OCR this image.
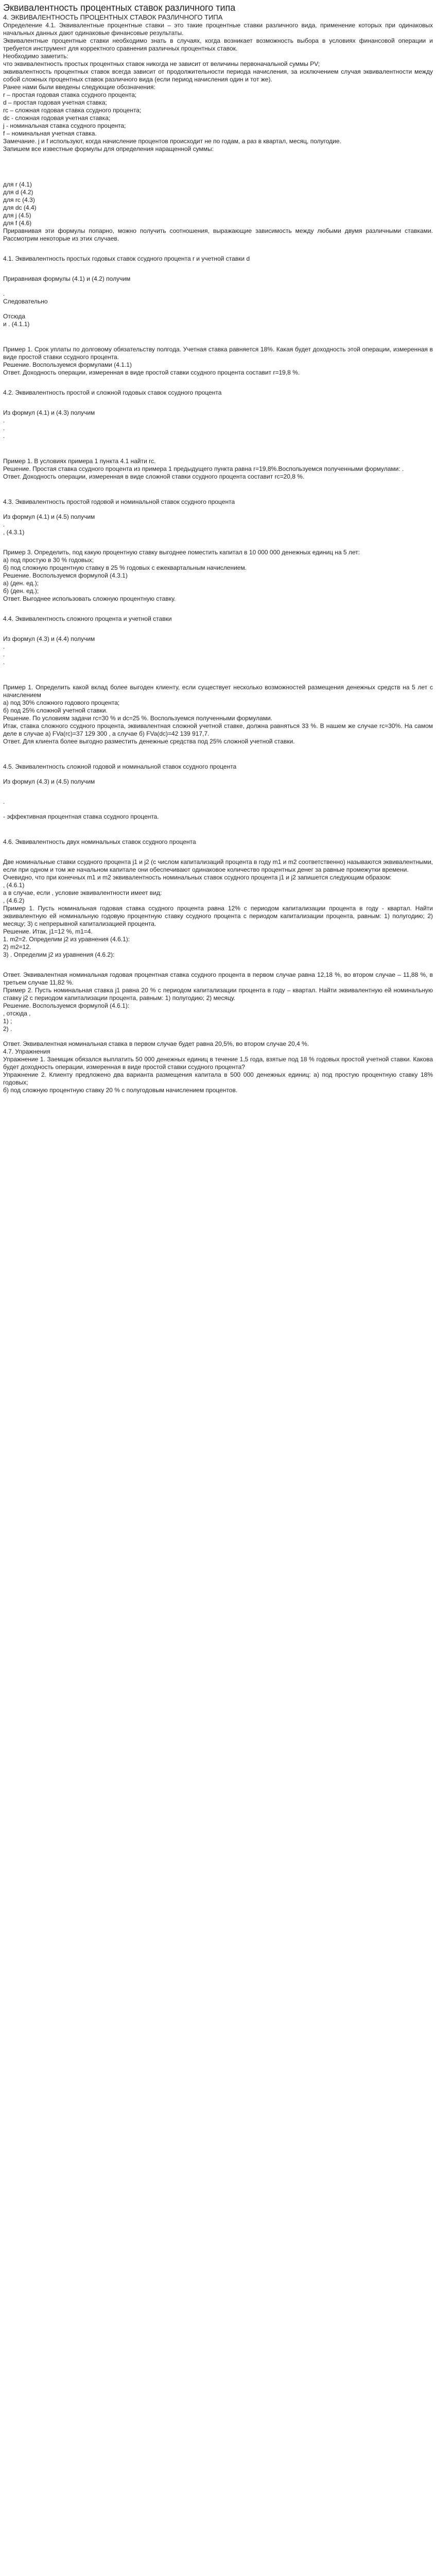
Эквивалентность процентных ставок различного типа

4. ЭКВИВАЛЕНТНОСТЬ ПРОЦЕНТНЫХ СТАВОК РАЗЛИЧНОГО ТИПА

Определение 4.1. Эквивалентные процентные ставки – это такие процентные ставки различного вида, применение которых при одинаковых начальных данных дают одинаковые финансовые результаты.

Эквивалентные процентные ставки необходимо знать в случаях, когда возникает возможность выбора в условиях финансовой операции и требуется инструмент для корректного сравнения различных процентных ставок.

Необходимо заметить:

что эквивалентность простых процентных ставок никогда не зависит от величины первоначальной суммы PV;

эквивалентность процентных ставок всегда зависит от продолжительности периода начисления, за исключением случая эквивалентности между собой сложных процентных ставок различного вида (если период начисления один и тот же).

Ранее нами были введены следующие обозначения:

r – простая годовая ставка ссудного процента;

d – простая годовая учетная ставка;

rc – сложная годовая ставка ссудного процента;

dc - сложная годовая учетная ставка;

j - номинальная ставка ссудного процента;

f – номинальная учетная ставка.

Замечание. j и f используют, когда начисление процентов происходит не по годам, а раз в квартал, месяц, полугодие.

Запишем все известные формулы для определения наращенной суммы:

для r (4.1)

для d (4.2)

для rc (4.3)

для dc (4.4)

для j (4.5)

для f (4.6)

Приравнивая эти формулы попарно, можно получить соотношения, выражающие зависимость между любыми двумя различными ставками. Рассмотрим некоторые из этих случаев.

4.1. Эквивалентность простых годовых ставок ссудного процента r и учетной ставки d

Приравнивая формулы (4.1) и (4.2) получим

.

Следовательно

Отсюда

и . (4.1.1)

Пример 1. Срок уплаты по долговому обязательству полгода. Учетная ставка равняется 18%. Какая будет доходность этой операции, измеренная в виде простой ставки ссудного процента.

Решение. Воспользуемся формулами (4.1.1)

Ответ. Доходность операции, измеренная в виде простой ставки ссудного процента составит r=19,8 %.

4.2. Эквивалентность простой и сложной годовых ставок ссудного процента

Из формул (4.1) и (4.3) получим

.

.

.

Пример 1. В условиях примера 1 пункта 4.1 найти rc.

Решение. Простая ставка ссудного процента из примера 1 предыдущего пункта равна r=19,8%.Воспользуемся полученными формулами: .

Ответ. Доходность операции, измеренная в виде сложной ставки ссудного процента составит rc=20,8 %.

4.3. Эквивалентность простой годовой и номинальной ставок ссудного процента

Из формул (4.1) и (4.5) получим

.

, (4.3.1)

Пример 3. Определить, под какую процентную ставку выгоднее поместить капитал в 10 000 000 денежных единиц на 5 лет:

а) под простую в 30 % годовых;

б) под сложную процентную ставку в 25 % годовых с ежеквартальным начислением.

Решение. Воспользуемся формулой (4.3.1)

а) (ден. ед.);

б) (ден. ед.);

Ответ. Выгоднее использовать сложную процентную ставку.

4.4. Эквивалентность сложного процента и учетной ставки

Из формул (4.3) и (4.4) получим

.

.

.

Пример 1. Определить какой вклад более выгоден клиенту, если существует несколько возможностей размещения денежных средств на 5 лет с начислением

а) под 30% сложного годового процента;

б) под 25% сложной учетной ставки.

Решение. По условиям задачи rc=30 % и dc=25 %. Воспользуемся полученными формулами.

Итак, ставка сложного ссудного процента, эквивалентная сложной учетной ставке, должна равняться 33 %. В нашем же случае rc=30%. На самом деле в случае a) FVa(rc)=37 129 300 , а случае б) FVa(dc)=42 139 917,7.

Ответ. Для клиента более выгодно разместить денежные средства под 25% сложной учетной ставки.

4.5. Эквивалентность сложной годовой и номинальной ставок ссудного процента

Из формул (4.3) и (4.5) получим

.

- эффективная процентная ставка ссудного процента.

4.6. Эквивалентность двух номинальных ставок ссудного процента

Две номинальные ставки ссудного процента j1 и j2 (с числом капитализаций процента в году m1 и m2 соответственно) называются эквивалентными, если при одном и том же начальном капитале они обеспечивают одинаковое количество процентных денег за равные промежутки времени.

Очевидно, что при конечных m1 и m2 эквивалентность номинальных ставок ссудного процента j1 и j2 запишется следующим образом:

, (4.6.1)

а в случае, если , условие эквивалентности имеет вид:

, (4.6.2)

Пример 1. Пусть номинальная годовая ставка ссудного процента равна 12% с периодом капитализации процента в году - квартал. Найти эквивалентную ей номинальную годовую процентную ставку ссудного процента с периодом капитализации процента, равным: 1) полугодию; 2) месяцу; 3) с непрерывной капитализацией процента.

Решение. Итак, j1=12 %, m1=4.

1. m2=2. Определим j2 из уравнения (4.6.1):

2) m2=12.

3) . Определим j2 из уравнения (4.6.2):

Ответ. Эквивалентная номинальная годовая процентная ставка ссудного процента в первом случае равна 12,18 %, во втором случае – 11,88 %, в третьем случае 11,82 %.

Пример 2. Пусть номинальная ставка j1 равна 20 % с периодом капитализации процента в году – квартал. Найти эквивалентную ей номинальную ставку j2 с периодом капитализации процента, равным: 1) полугодию; 2) месяцу.

Решение. Воспользуемся формулой (4.6.1):

, отсюда ,

1) ;

2) .

Ответ. Эквивалентная номинальная ставка в первом случае будет равна 20,5%, во втором случае 20,4 %.

4.7. Упражнения

Упражнение 1. Заемщик обязался выплатить 50 000 денежных единиц в течение 1,5 года, взятые под 18 % годовых простой учетной ставки. Какова будет доходность операции, измеренная в виде простой ставки ссудного процента?

Упражнение 2. Клиенту предложено два варианта размещения капитала в 500 000 денежных единиц: а) под простую процентную ставку 18% годовых;

б) под сложную процентную ставку 20 % с полугодовым начислением процентов.
